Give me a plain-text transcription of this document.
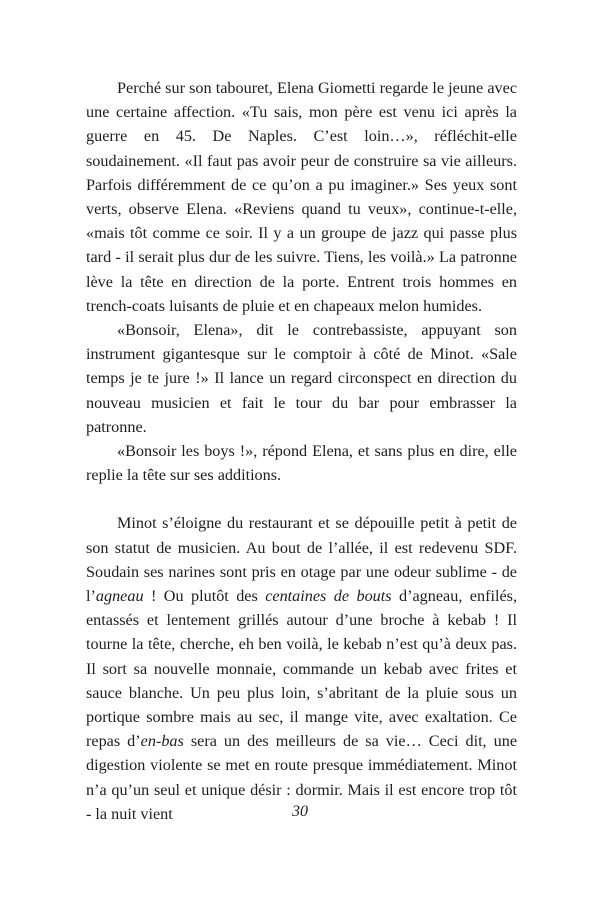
Perché sur son tabouret, Elena Giometti regarde le jeune avec une certaine affection. «Tu sais, mon père est venu ici après la guerre en 45. De Naples. C’est loin…», réfléchit-elle soudainement. «Il faut pas avoir peur de construire sa vie ailleurs. Parfois différemment de ce qu’on a pu imaginer.» Ses yeux sont verts, observe Elena. «Reviens quand tu veux», continue-t-elle, «mais tôt comme ce soir. Il y a un groupe de jazz qui passe plus tard - il serait plus dur de les suivre. Tiens, les voilà.» La patronne lève la tête en direction de la porte. Entrent trois hommes en trench-coats luisants de pluie et en chapeaux melon humides.

«Bonsoir, Elena», dit le contrebassiste, appuyant son instrument gigantesque sur le comptoir à côté de Minot. «Sale temps je te jure !» Il lance un regard circonspect en direction du nouveau musicien et fait le tour du bar pour embrasser la patronne.

«Bonsoir les boys !», répond Elena, et sans plus en dire, elle replie la tête sur ses additions.

Minot s’éloigne du restaurant et se dépouille petit à petit de son statut de musicien. Au bout de l’allée, il est redevenu SDF. Soudain ses narines sont pris en otage par une odeur sublime - de l’agneau ! Ou plutôt des centaines de bouts d’agneau, enfilés, entassés et lentement grillés autour d’une broche à kebab ! Il tourne la tête, cherche, eh ben voilà, le kebab n’est qu’à deux pas. Il sort sa nouvelle monnaie, commande un kebab avec frites et sauce blanche. Un peu plus loin, s’abritant de la pluie sous un portique sombre mais au sec, il mange vite, avec exaltation. Ce repas d’en-bas sera un des meilleurs de sa vie… Ceci dit, une digestion violente se met en route presque immédiatement. Minot n’a qu’un seul et unique désir : dormir. Mais il est encore trop tôt - la nuit vient	30
